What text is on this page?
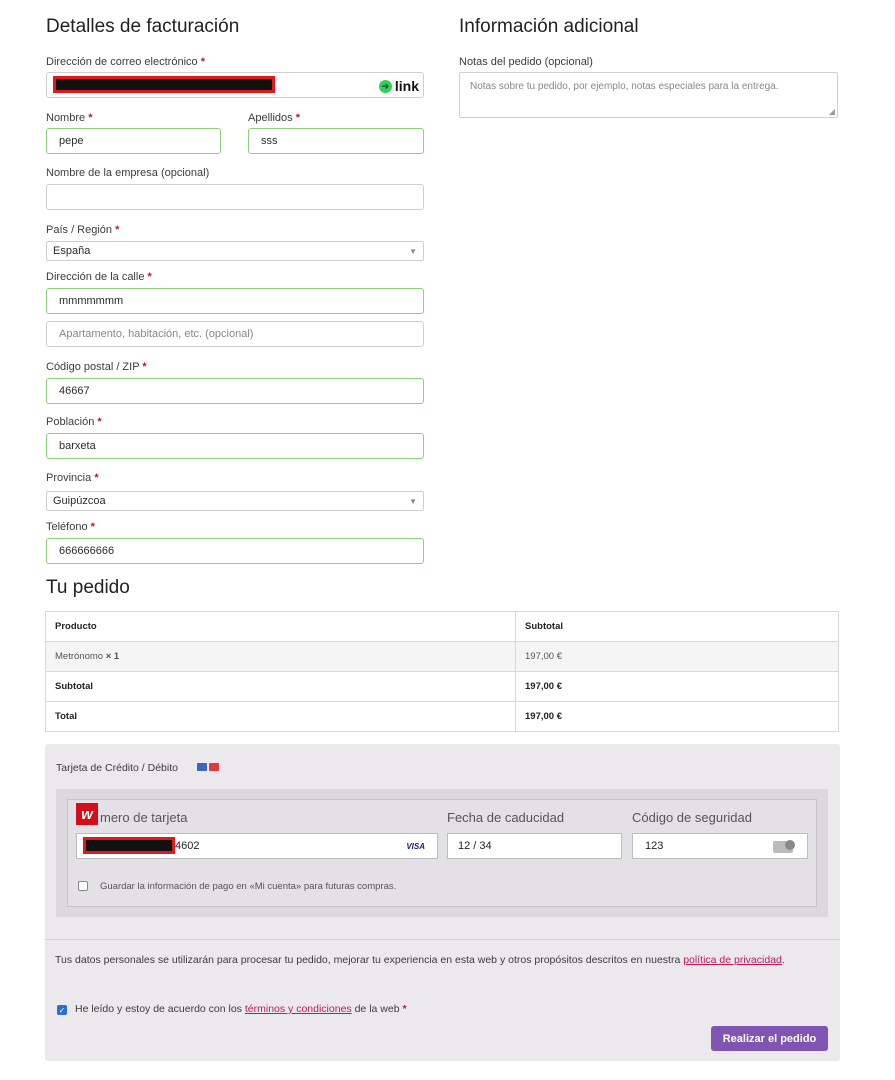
Detalles de facturación
Dirección de correo electrónico *
➜ link
Nombre *
pepe
Apellidos *
sss
Nombre de la empresa (opcional)
País / Región *
España	▼
Dirección de la calle *
mmmmmmm
Apartamento, habitación, etc. (opcional)
Código postal / ZIP *
46667
Población *
barxeta
Provincia *
Guipúzcoa	▼
Teléfono *
666666666
Información adicional
Notas del pedido (opcional)
Notas sobre tu pedido, por ejemplo, notas especiales para la entrega.
◢
Tu pedido
Producto	Subtotal
Metrónomo × 1	197,00 €
Subtotal	197,00 €
Total	197,00 €
Tarjeta de Crédito / Débito
w mero de tarjeta
4602	VISA
Fecha de caducidad
12 / 34
Código de seguridad
123
Guardar la información de pago en «Mi cuenta» para futuras compras.
Tus datos personales se utilizarán para procesar tu pedido, mejorar tu experiencia en esta web y otros propósitos descritos en nuestra política de privacidad.
✓ He leído y estoy de acuerdo con los términos y condiciones de la web *
Realizar el pedido
